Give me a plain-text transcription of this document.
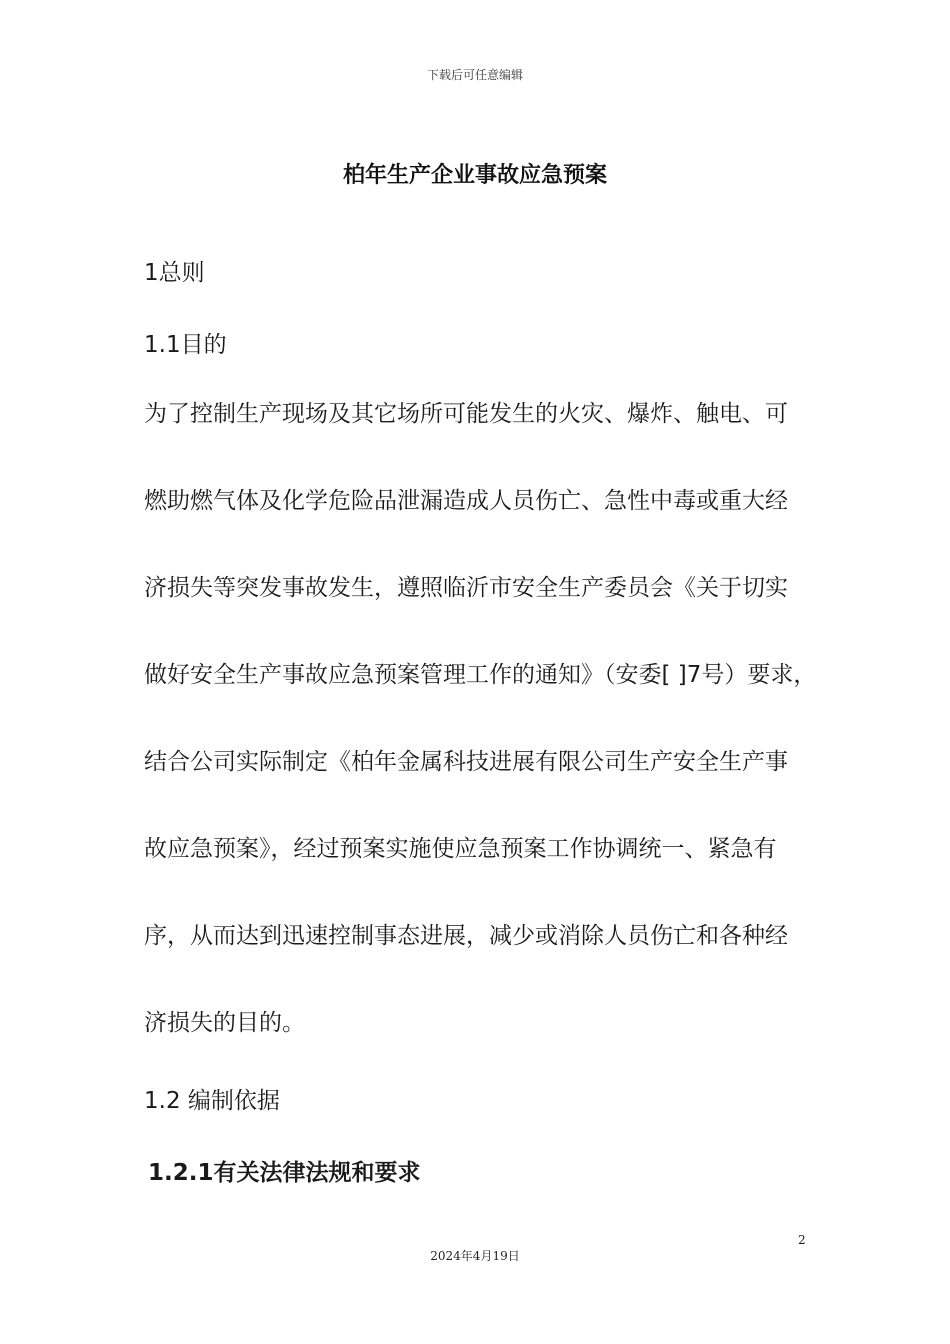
下载后可任意编辑
柏年生产企业事故应急预案
1总则
1.1目的
为了控制生产现场及其它场所可能发生的火灾、爆炸、触电、可
燃助燃气体及化学危险品泄漏造成人员伤亡、急性中毒或重大经
济损失等突发事故发生，遵照临沂市安全生产委员会《关于切实
做好安全生产事故应急预案管理工作的通知》（安委[ ]7号）要求，
结合公司实际制定《柏年金属科技进展有限公司生产安全生产事
故应急预案》，经过预案实施使应急预案工作协调统一、紧急有
序，从而达到迅速控制事态进展，减少或消除人员伤亡和各种经
济损失的目的。
1.2 编制依据
1.2.1有关法律法规和要求
2
2024年4月19日
